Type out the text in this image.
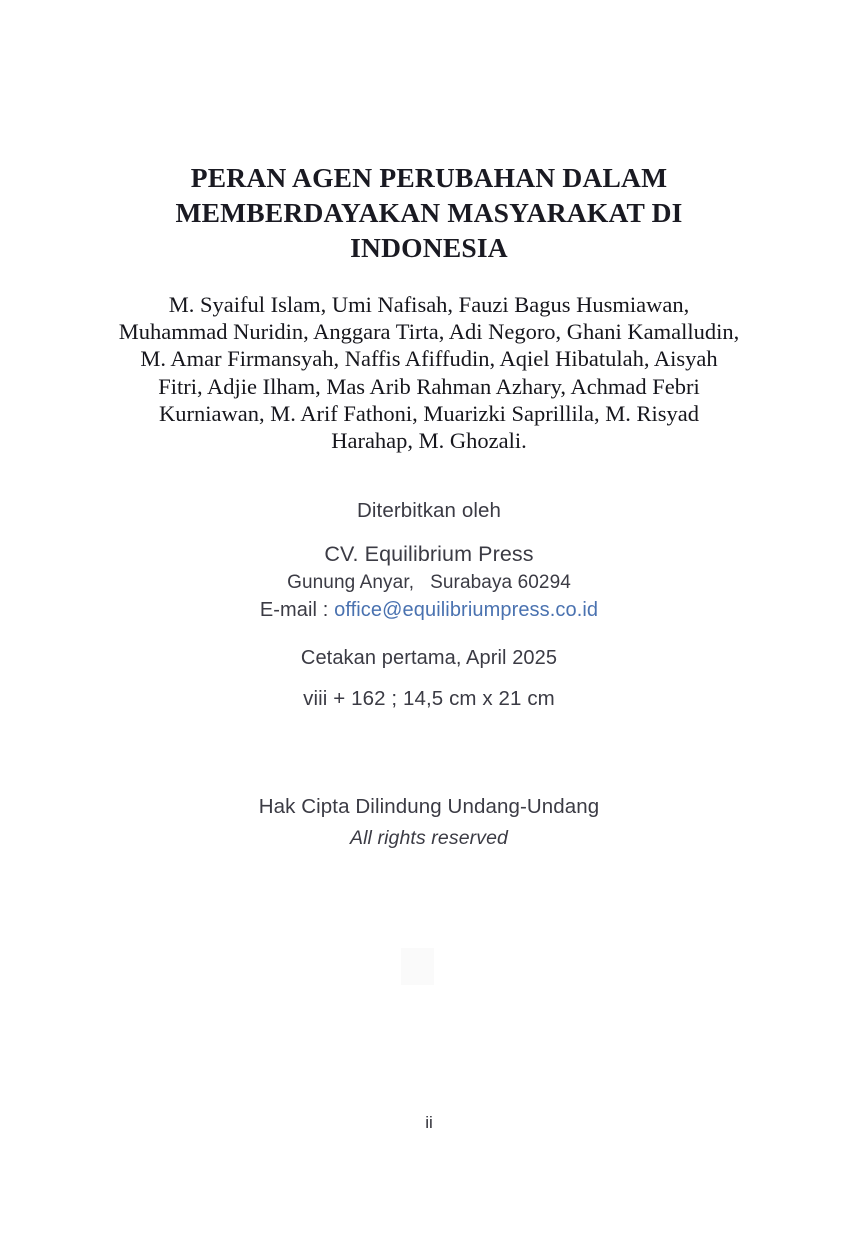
PERAN AGEN PERUBAHAN DALAM
MEMBERDAYAKAN MASYARAKAT DI
INDONESIA
M. Syaiful Islam, Umi Nafisah, Fauzi Bagus Husmiawan,
Muhammad Nuridin, Anggara Tirta, Adi Negoro, Ghani Kamalludin,
M. Amar Firmansyah, Naffis Afiffudin, Aqiel Hibatulah, Aisyah
Fitri, Adjie Ilham, Mas Arib Rahman Azhary, Achmad Febri
Kurniawan, M. Arif Fathoni, Muarizki Saprillila, M. Risyad
Harahap, M. Ghozali.
Diterbitkan oleh
CV. Equilibrium Press
Gunung Anyar, Surabaya 60294
E-mail : office@equilibriumpress.co.id
Cetakan pertama, April 2025
viii + 162 ; 14,5 cm x 21 cm
Hak Cipta Dilindung Undang-Undang
All rights reserved
ii
